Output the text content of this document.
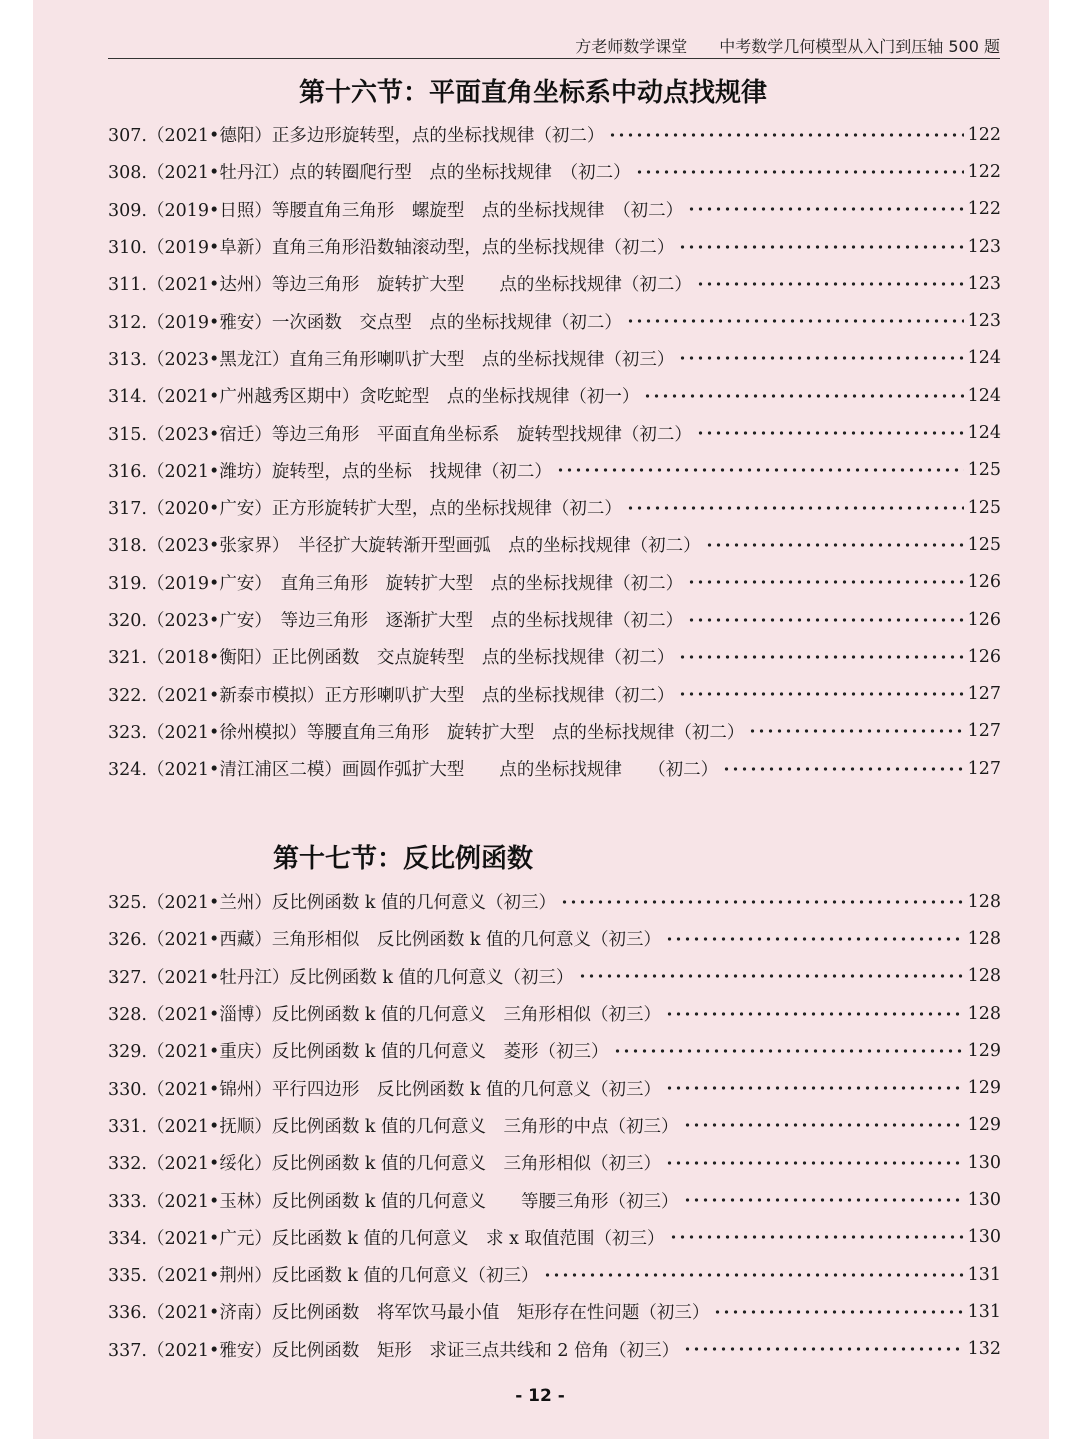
方老师数学课堂 中考数学几何模型从入门到压轴 500 题
第十六节：平面直角坐标系中动点找规律
307.（2021•德阳）正多边形旋转型，点的坐标找规律（初二）	122
308.（2021•牡丹江）点的转圈爬行型　点的坐标找规律　（初二）	122
309.（2019•日照）等腰直角三角形　螺旋型　点的坐标找规律　（初二）	122
310.（2019•阜新）直角三角形沿数轴滚动型，点的坐标找规律（初二）	123
311.（2021•达州）等边三角形　旋转扩大型　　点的坐标找规律（初二）	123
312.（2019•雅安）一次函数　交点型　点的坐标找规律（初二）	123
313.（2023•黑龙江）直角三角形喇叭扩大型　点的坐标找规律（初三）	124
314.（2021•广州越秀区期中）贪吃蛇型　点的坐标找规律（初一）	124
315.（2023•宿迁）等边三角形　平面直角坐标系　旋转型找规律（初二）	124
316.（2021•潍坊）旋转型，点的坐标　找规律（初二）	125
317.（2020•广安）正方形旋转扩大型，点的坐标找规律（初二）	125
318.（2023•张家界）　半径扩大旋转渐开型画弧　点的坐标找规律（初二）	125
319.（2019•广安）　直角三角形　旋转扩大型　点的坐标找规律（初二）	126
320.（2023•广安）　等边三角形　逐渐扩大型　点的坐标找规律（初二）	126
321.（2018•衡阳）正比例函数　交点旋转型　点的坐标找规律（初二）	126
322.（2021•新泰市模拟）正方形喇叭扩大型　点的坐标找规律（初二）	127
323.（2021•徐州模拟）等腰直角三角形　旋转扩大型　点的坐标找规律（初二）	127
324.（2021•清江浦区二模）画圆作弧扩大型　　点的坐标找规律　　（初二）	127
第十七节：反比例函数
325.（2021•兰州）反比例函数 k 值的几何意义（初三）	128
326.（2021•西藏）三角形相似　反比例函数 k 值的几何意义（初三）	128
327.（2021•牡丹江）反比例函数 k 值的几何意义（初三）	128
328.（2021•淄博）反比例函数 k 值的几何意义　三角形相似（初三）	128
329.（2021•重庆）反比例函数 k 值的几何意义　菱形（初三）	129
330.（2021•锦州）平行四边形　反比例函数 k 值的几何意义（初三）	129
331.（2021•抚顺）反比例函数 k 值的几何意义　三角形的中点（初三）	129
332.（2021•绥化）反比例函数 k 值的几何意义　三角形相似（初三）	130
333.（2021•玉林）反比例函数 k 值的几何意义　　等腰三角形（初三）	130
334.（2021•广元）反比函数 k 值的几何意义　求 x 取值范围（初三）	130
335.（2021•荆州）反比函数 k 值的几何意义（初三）	131
336.（2021•济南）反比例函数　将军饮马最小值　矩形存在性问题（初三）	131
337.（2021•雅安）反比例函数　矩形　求证三点共线和 2 倍角（初三）	132
- 12 -
